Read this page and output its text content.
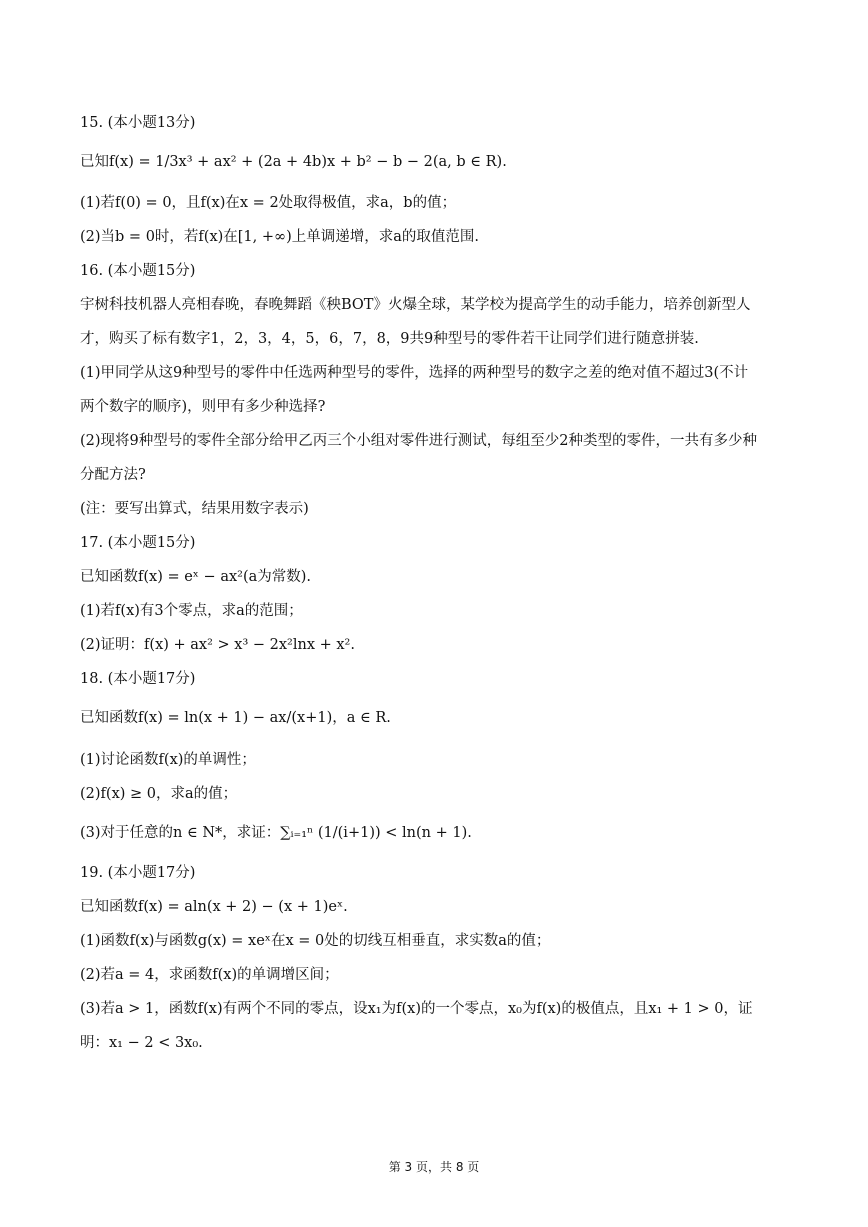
15. (本小题13分)
已知f(x) = 1/3x³ + ax² + (2a + 4b)x + b² − b − 2(a, b ∈ R).
(1)若f(0) = 0，且f(x)在x = 2处取得极值，求a，b的值；
(2)当b = 0时，若f(x)在[1, +∞)上单调递增，求a的取值范围.
16. (本小题15分)
宇树科技机器人亮相春晚，春晚舞蹈《秧BOT》火爆全球，某学校为提高学生的动手能力，培养创新型人
才，购买了标有数字1，2，3，4，5，6，7，8，9共9种型号的零件若干让同学们进行随意拼装.
(1)甲同学从这9种型号的零件中任选两种型号的零件，选择的两种型号的数字之差的绝对值不超过3(不计
两个数字的顺序)，则甲有多少种选择?
(2)现将9种型号的零件全部分给甲乙丙三个小组对零件进行测试，每组至少2种类型的零件，一共有多少种
分配方法?
(注：要写出算式，结果用数字表示)
17. (本小题15分)
已知函数f(x) = eˣ − ax²(a为常数).
(1)若f(x)有3个零点，求a的范围；
(2)证明：f(x) + ax² > x³ − 2x²lnx + x².
18. (本小题17分)
已知函数f(x) = ln(x + 1) − ax/(x+1)，a ∈ R.
(1)讨论函数f(x)的单调性；
(2)f(x) ≥ 0，求a的值；
(3)对于任意的n ∈ N*，求证：∑ᵢ₌₁ⁿ (1/(i+1)) < ln(n + 1).
19. (本小题17分)
已知函数f(x) = aln(x + 2) − (x + 1)eˣ.
(1)函数f(x)与函数g(x) = xeˣ在x = 0处的切线互相垂直，求实数a的值；
(2)若a = 4，求函数f(x)的单调增区间；
(3)若a > 1，函数f(x)有两个不同的零点，设x₁为f(x)的一个零点，x₀为f(x)的极值点，且x₁ + 1 > 0，证
明：x₁ − 2 < 3x₀.
第 3 页，共 8 页
